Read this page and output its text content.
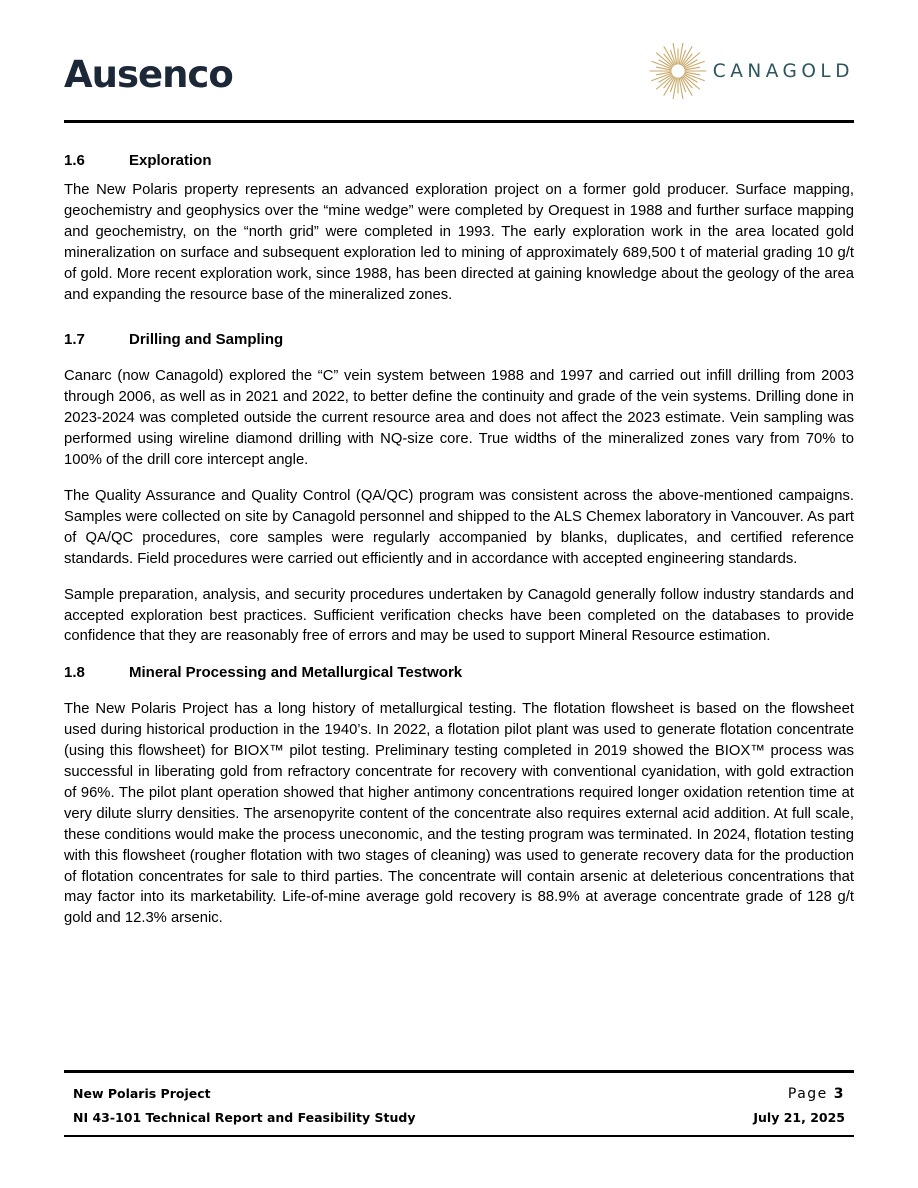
Ausenco	CANAGOLD
1.6	Exploration

The New Polaris property represents an advanced exploration project on a former gold producer. Surface mapping, geochemistry and geophysics over the “mine wedge” were completed by Orequest in 1988 and further surface mapping and geochemistry, on the “north grid” were completed in 1993. The early exploration work in the area located gold mineralization on surface and subsequent exploration led to mining of approximately 689,500 t of material grading 10 g/t of gold. More recent exploration work, since 1988, has been directed at gaining knowledge about the geology of the area and expanding the resource base of the mineralized zones.

1.7	Drilling and Sampling

Canarc (now Canagold) explored the “C” vein system between 1988 and 1997 and carried out infill drilling from 2003 through 2006, as well as in 2021 and 2022, to better define the continuity and grade of the vein systems. Drilling done in 2023-2024 was completed outside the current resource area and does not affect the 2023 estimate. Vein sampling was performed using wireline diamond drilling with NQ-size core. True widths of the mineralized zones vary from 70% to 100% of the drill core intercept angle.

The Quality Assurance and Quality Control (QA/QC) program was consistent across the above-mentioned campaigns. Samples were collected on site by Canagold personnel and shipped to the ALS Chemex laboratory in Vancouver. As part of QA/QC procedures, core samples were regularly accompanied by blanks, duplicates, and certified reference standards. Field procedures were carried out efficiently and in accordance with accepted engineering standards.

Sample preparation, analysis, and security procedures undertaken by Canagold generally follow industry standards and accepted exploration best practices. Sufficient verification checks have been completed on the databases to provide confidence that they are reasonably free of errors and may be used to support Mineral Resource estimation.

1.8	Mineral Processing and Metallurgical Testwork

The New Polaris Project has a long history of metallurgical testing. The flotation flowsheet is based on the flowsheet used during historical production in the 1940’s. In 2022, a flotation pilot plant was used to generate flotation concentrate (using this flowsheet) for BIOX™ pilot testing. Preliminary testing completed in 2019 showed the BIOX™ process was successful in liberating gold from refractory concentrate for recovery with conventional cyanidation, with gold extraction of 96%. The pilot plant operation showed that higher antimony concentrations required longer oxidation retention time at very dilute slurry densities. The arsenopyrite content of the concentrate also requires external acid addition. At full scale, these conditions would make the process uneconomic, and the testing program was terminated. In 2024, flotation testing with this flowsheet (rougher flotation with two stages of cleaning) was used to generate recovery data for the production of flotation concentrates for sale to third parties. The concentrate will contain arsenic at deleterious concentrations that may factor into its marketability. Life-of-mine average gold recovery is 88.9% at average concentrate grade of 128 g/t gold and 12.3% arsenic.

New Polaris Project	Page 3
NI 43-101 Technical Report and Feasibility Study	July 21, 2025
